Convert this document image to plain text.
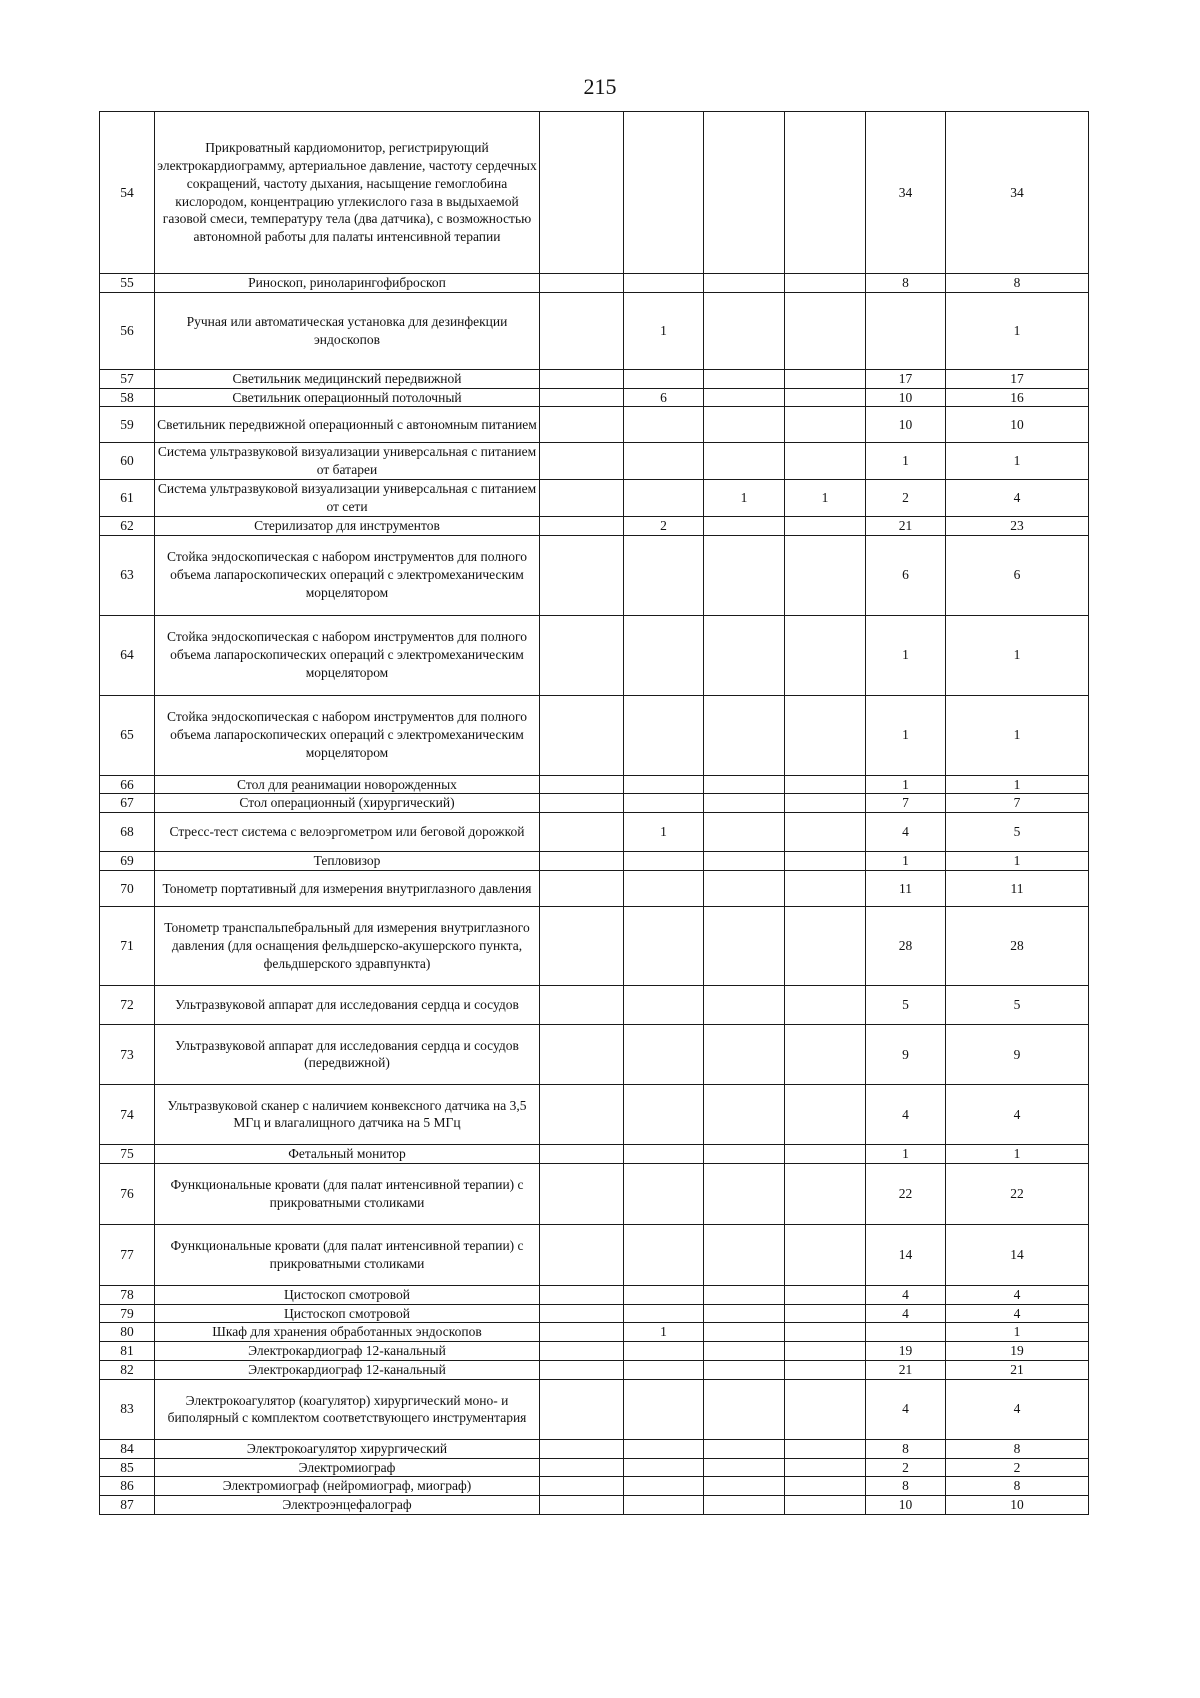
215
54	Прикроватный кардиомонитор, регистрирующий электрокардиограмму, артериальное давление, частоту сердечных сокращений, частоту дыхания, насыщение гемоглобина кислородом, концентрацию углекислого газа в выдыхаемой газовой смеси, температуру тела (два датчика), с возможностью автономной работы для палаты интенсивной терапии					34	34
55	Риноскоп, риноларингофиброскоп					8	8
56	Ручная или автоматическая установка для дезинфекции эндоскопов		1				1
57	Светильник медицинский передвижной					17	17
58	Светильник операционный потолочный		6			10	16
59	Светильник передвижной операционный с автономным питанием					10	10
60	Система ультразвуковой визуализации универсальная с питанием от батареи					1	1
61	Система ультразвуковой визуализации универсальная с питанием от сети			1	1	2	4
62	Стерилизатор для инструментов		2			21	23
63	Стойка эндоскопическая с набором инструментов для полного объема лапароскопических операций с электромеханическим морцелятором					6	6
64	Стойка эндоскопическая с набором инструментов для полного объема лапароскопических операций с электромеханическим морцелятором					1	1
65	Стойка эндоскопическая с набором инструментов для полного объема лапароскопических операций с электромеханическим морцелятором					1	1
66	Стол для реанимации новорожденных					1	1
67	Стол операционный (хирургический)					7	7
68	Стресс-тест система с велоэргометром или беговой дорожкой		1			4	5
69	Тепловизор					1	1
70	Тонометр портативный для измерения внутриглазного давления					11	11
71	Тонометр транспальпебральный для измерения внутриглазного давления (для оснащения фельдшерско-акушерского пункта, фельдшерского здравпункта)					28	28
72	Ультразвуковой аппарат для исследования сердца и сосудов					5	5
73	Ультразвуковой аппарат для исследования сердца и сосудов (передвижной)					9	9
74	Ультразвуковой сканер с наличием конвексного датчика на 3,5 МГц и влагалищного датчика на 5 МГц					4	4
75	Фетальный монитор					1	1
76	Функциональные кровати (для палат интенсивной терапии) с прикроватными столиками					22	22
77	Функциональные кровати (для палат интенсивной терапии) с прикроватными столиками					14	14
78	Цистоскоп смотровой					4	4
79	Цистоскоп смотровой					4	4
80	Шкаф для хранения обработанных эндоскопов		1				1
81	Электрокардиограф 12-канальный					19	19
82	Электрокардиограф 12-канальный					21	21
83	Электрокоагулятор (коагулятор) хирургический моно- и биполярный с комплектом соответствующего инструментария					4	4
84	Электрокоагулятор хирургический					8	8
85	Электромиограф					2	2
86	Электромиограф (нейромиограф, миограф)					8	8
87	Электроэнцефалограф					10	10
